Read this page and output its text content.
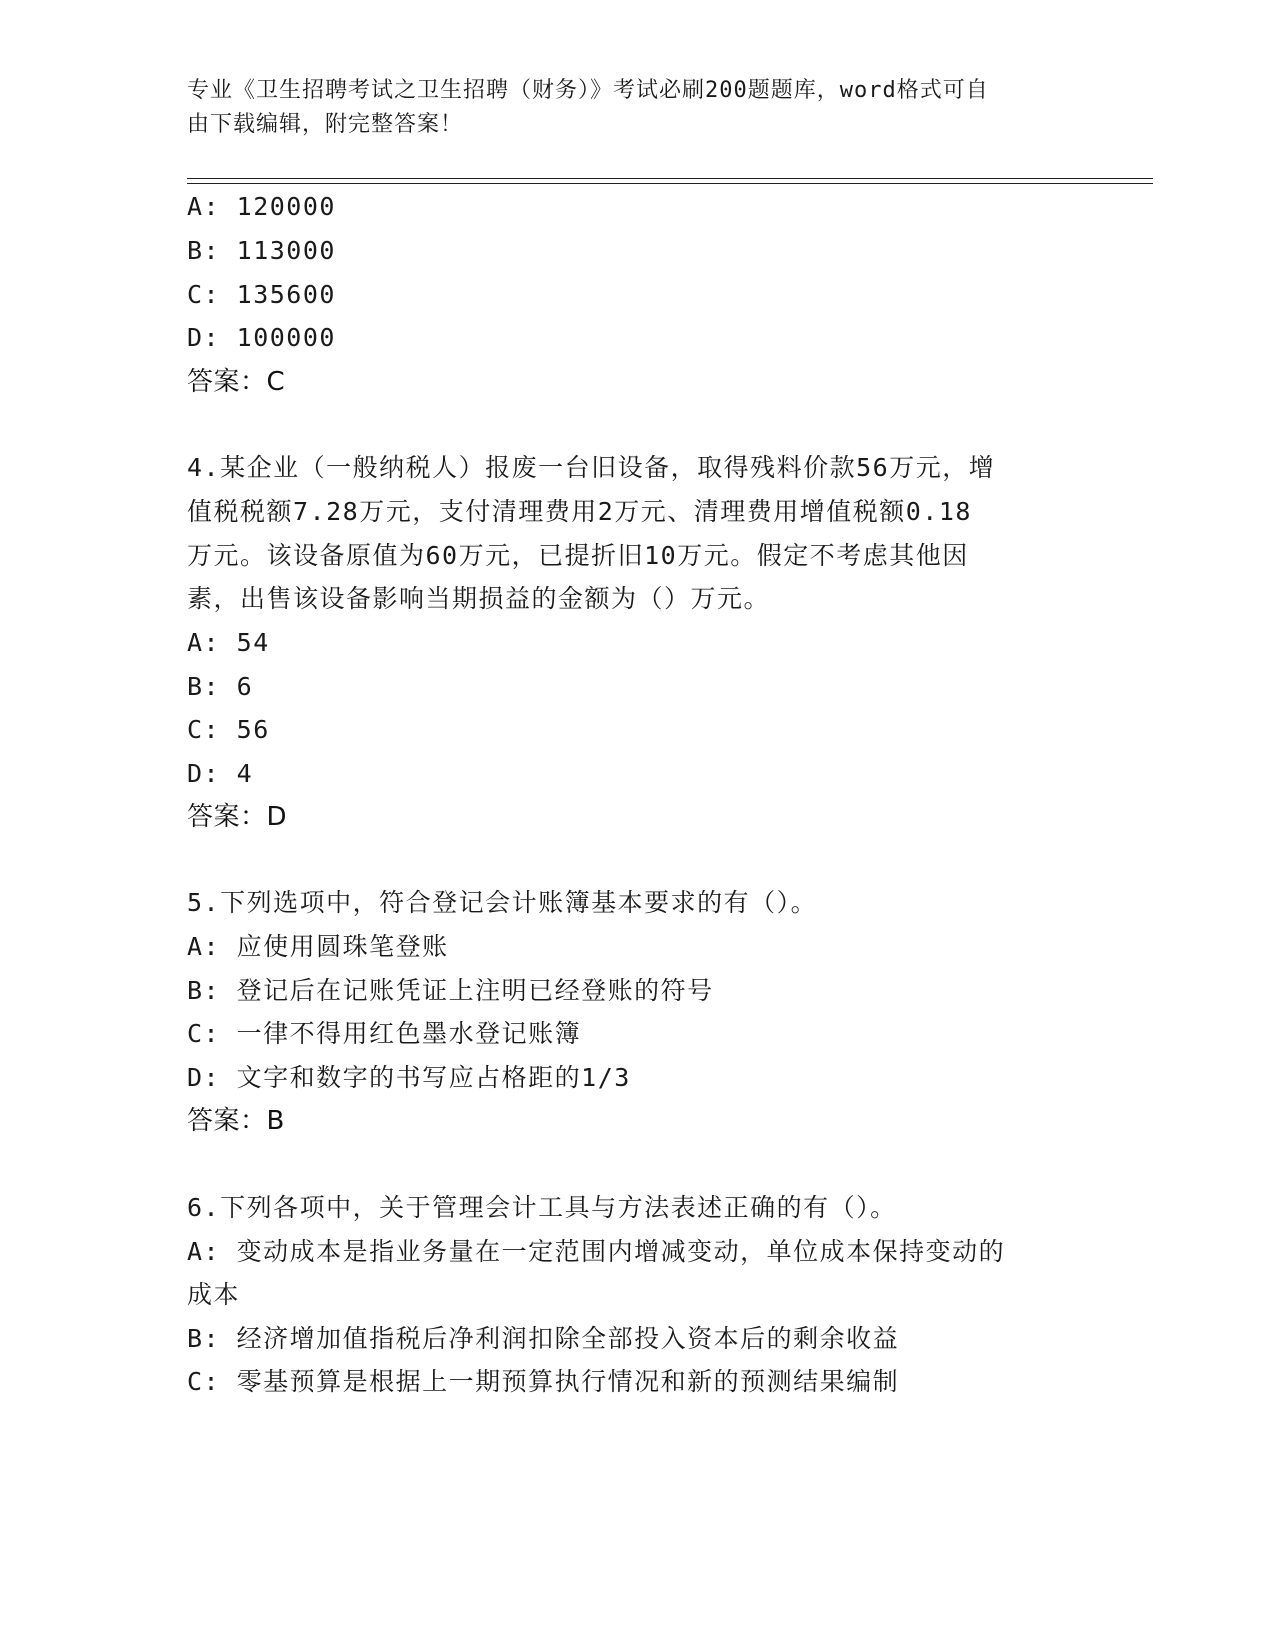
专业《卫生招聘考试之卫生招聘（财务）》考试必刷200题题库，word格式可自
由下载编辑，附完整答案！
A: 120000
B: 113000
C: 135600
D: 100000
答案：C
4.某企业（一般纳税人）报废一台旧设备，取得残料价款56万元，增
值税税额7.28万元，支付清理费用2万元、清理费用增值税额0.18
万元。该设备原值为60万元，已提折旧10万元。假定不考虑其他因
素，出售该设备影响当期损益的金额为（）万元。
A: 54
B: 6
C: 56
D: 4
答案：D
5.下列选项中，符合登记会计账簿基本要求的有（）。
A: 应使用圆珠笔登账
B: 登记后在记账凭证上注明已经登账的符号
C: 一律不得用红色墨水登记账簿
D: 文字和数字的书写应占格距的1/3
答案：B
6.下列各项中，关于管理会计工具与方法表述正确的有（）。
A: 变动成本是指业务量在一定范围内增减变动，单位成本保持变动的
成本
B: 经济增加值指税后净利润扣除全部投入资本后的剩余收益
C: 零基预算是根据上一期预算执行情况和新的预测结果编制
